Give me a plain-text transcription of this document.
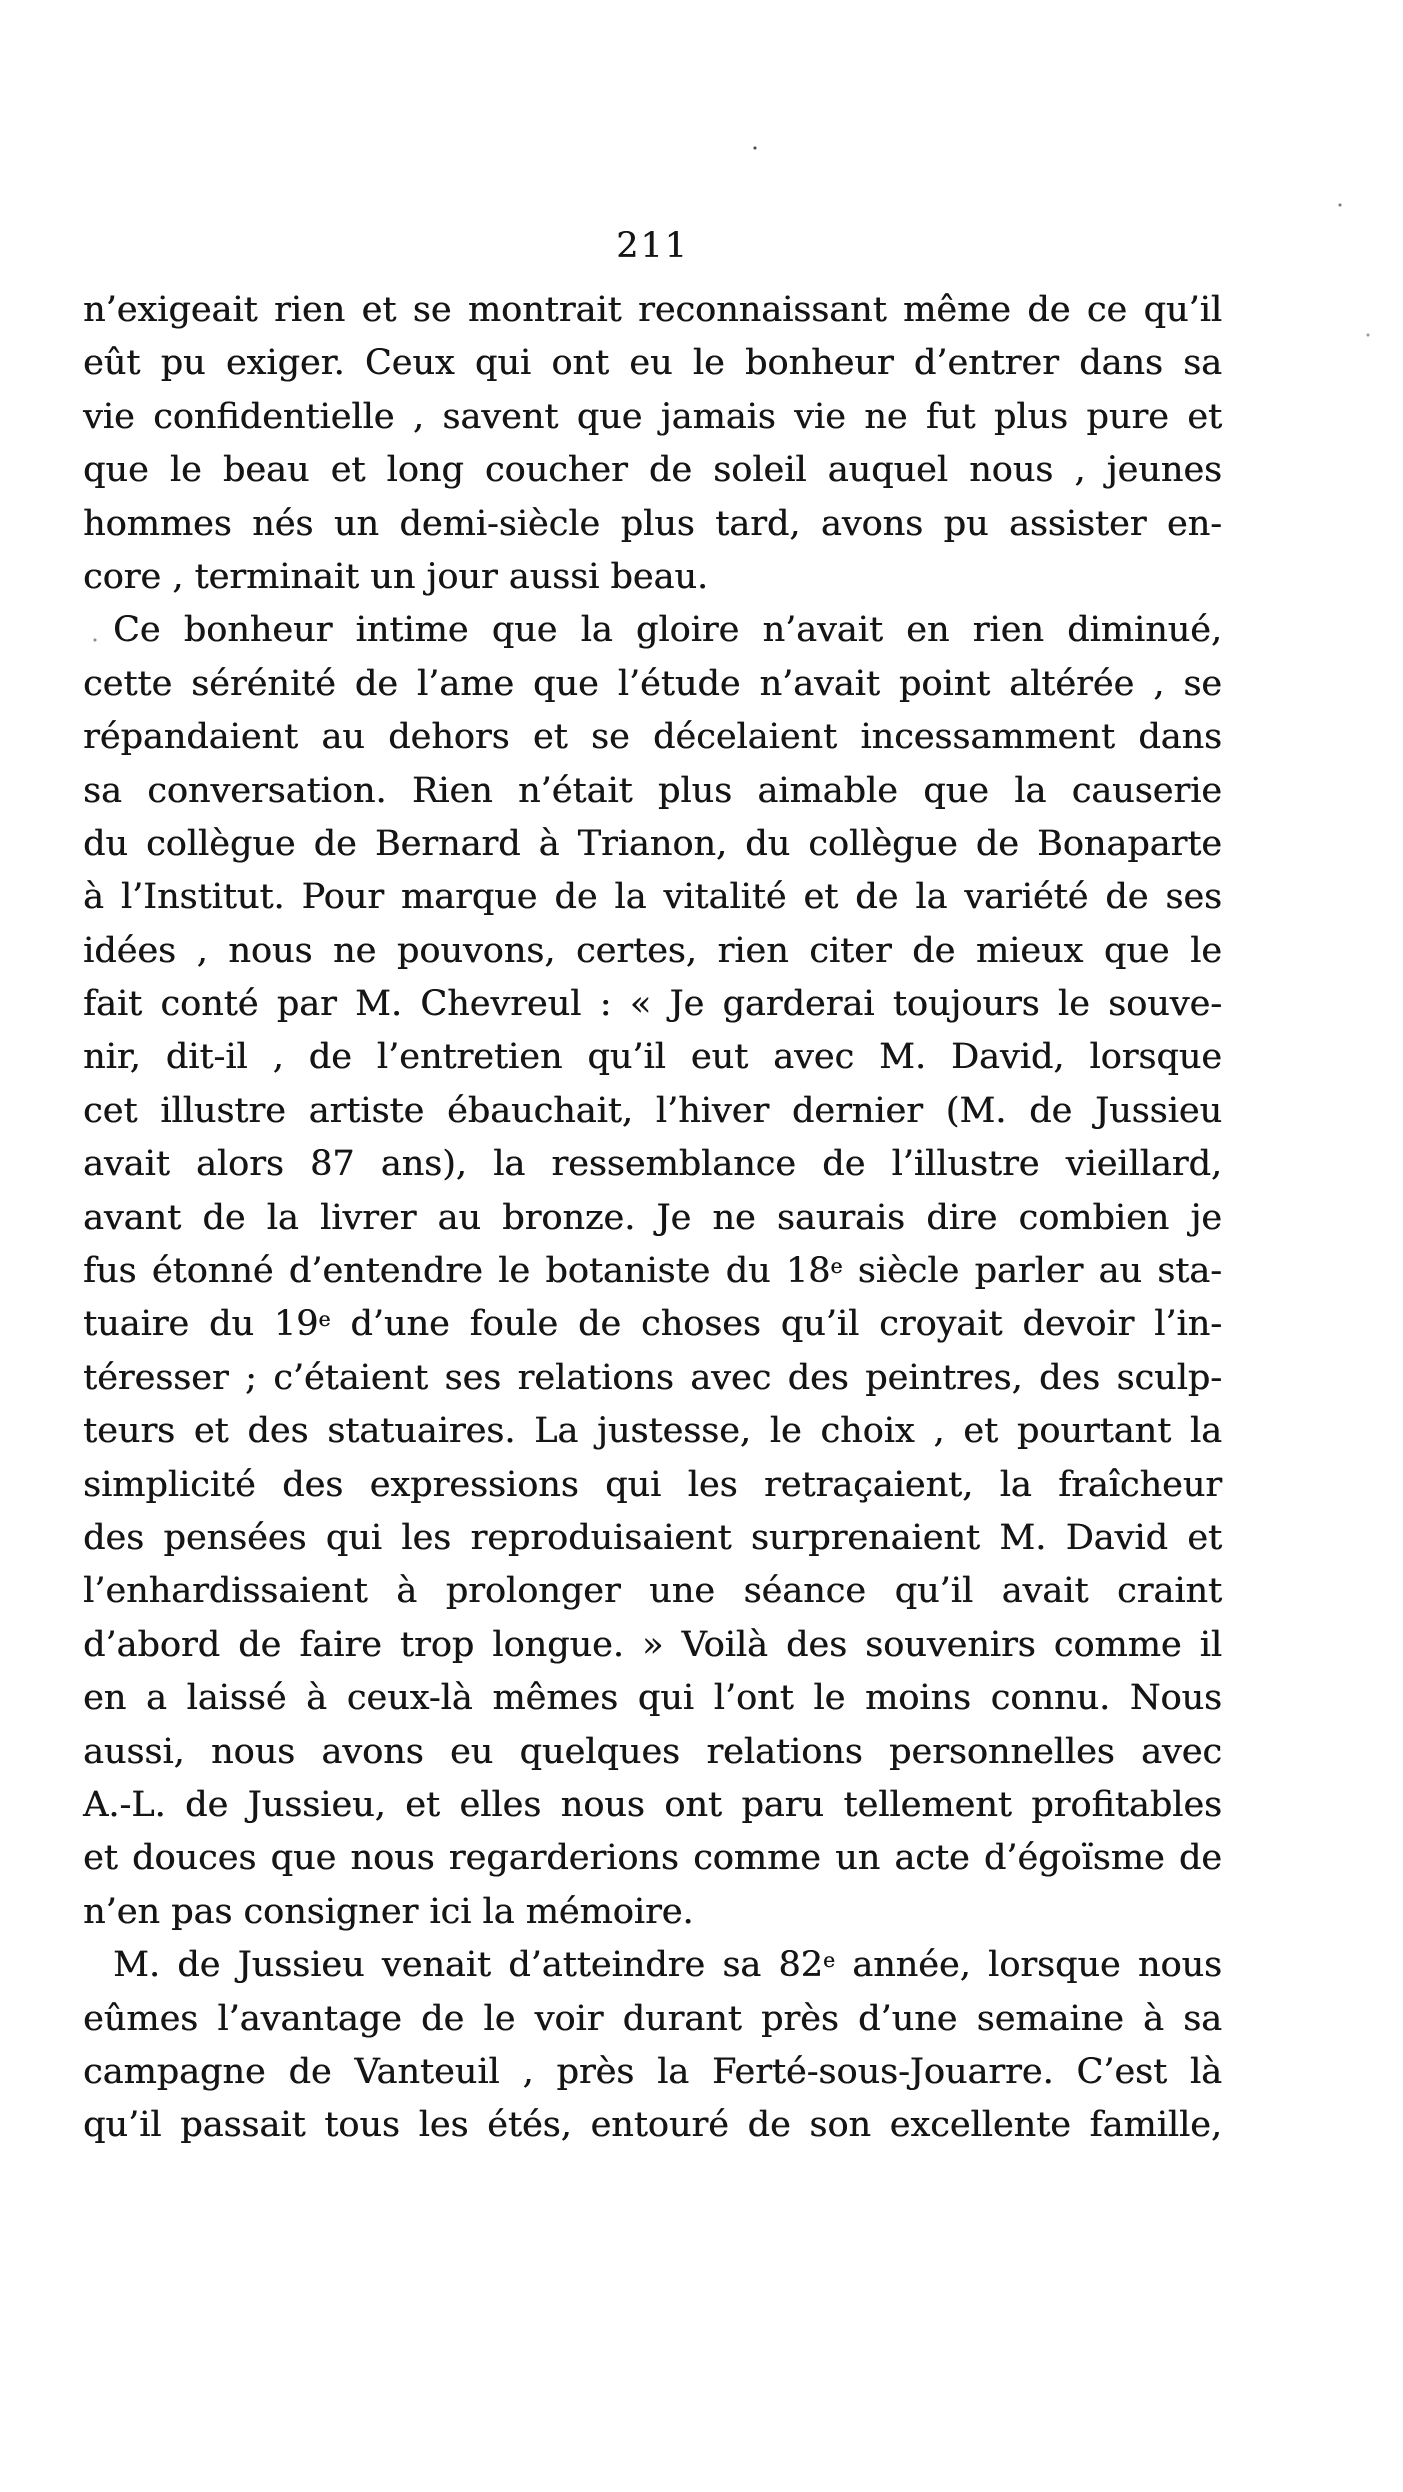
211
n’exigeait rien et se montrait reconnaissant même de ce qu’il
eût pu exiger. Ceux qui ont eu le bonheur d’entrer dans sa
vie confidentielle , savent que jamais vie ne fut plus pure et
que le beau et long coucher de soleil auquel nous , jeunes
hommes nés un demi-siècle plus tard, avons pu assister en-
core , terminait un jour aussi beau.
Ce bonheur intime que la gloire n’avait en rien diminué,
cette sérénité de l’ame que l’étude n’avait point altérée , se
répandaient au dehors et se décelaient incessamment dans
sa conversation. Rien n’était plus aimable que la causerie
du collègue de Bernard à Trianon, du collègue de Bonaparte
à l’Institut. Pour marque de la vitalité et de la variété de ses
idées , nous ne pouvons, certes, rien citer de mieux que le
fait conté par M. Chevreul : « Je garderai toujours le souve-
nir, dit-il , de l’entretien qu’il eut avec M. David, lorsque
cet illustre artiste ébauchait, l’hiver dernier (M. de Jussieu
avait alors 87 ans), la ressemblance de l’illustre vieillard,
avant de la livrer au bronze. Je ne saurais dire combien je
fus étonné d’entendre le botaniste du 18e siècle parler au sta-
tuaire du 19e d’une foule de choses qu’il croyait devoir l’in-
téresser ; c’étaient ses relations avec des peintres, des sculp-
teurs et des statuaires. La justesse, le choix , et pourtant la
simplicité des expressions qui les retraçaient, la fraîcheur
des pensées qui les reproduisaient surprenaient M. David et
l’enhardissaient à prolonger une séance qu’il avait craint
d’abord de faire trop longue. » Voilà des souvenirs comme il
en a laissé à ceux-là mêmes qui l’ont le moins connu. Nous
aussi, nous avons eu quelques relations personnelles avec
A.-L. de Jussieu, et elles nous ont paru tellement profitables
et douces que nous regarderions comme un acte d’égoïsme de
n’en pas consigner ici la mémoire.
M. de Jussieu venait d’atteindre sa 82e année, lorsque nous
eûmes l’avantage de le voir durant près d’une semaine à sa
campagne de Vanteuil , près la Ferté-sous-Jouarre. C’est là
qu’il passait tous les étés, entouré de son excellente famille,
